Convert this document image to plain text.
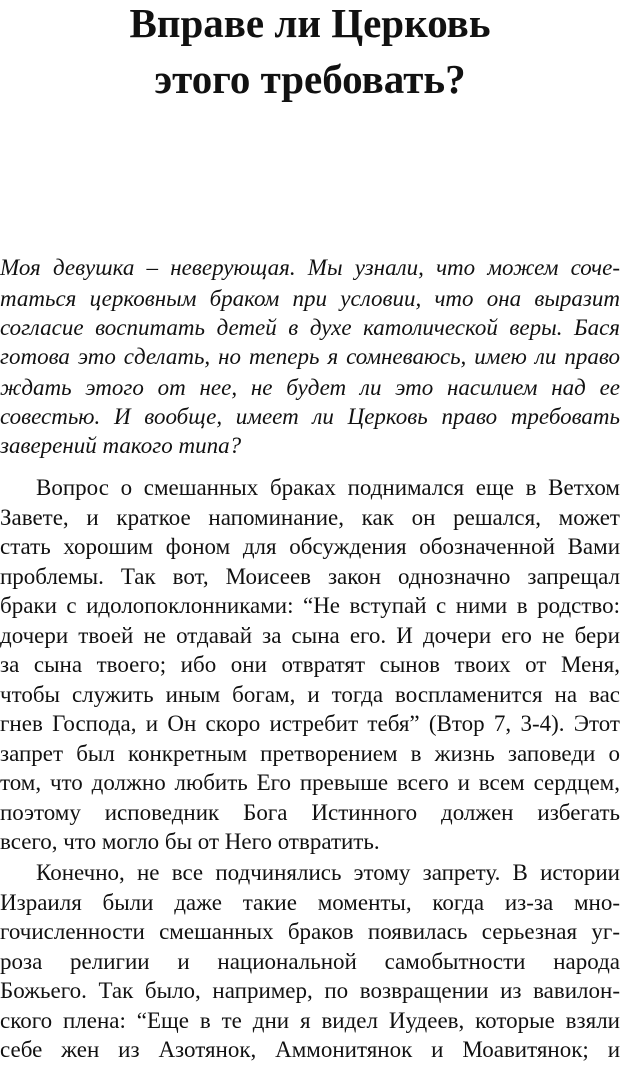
Вправе ли Церковь
этого требовать?
Моя девушка – неверующая. Мы узнали, что можем соче-
таться церковным браком при условии, что она выразит
согласие воспитать детей в духе католической веры. Бася
готова это сделать, но теперь я сомневаюсь, имею ли право
ждать этого от нее, не будет ли это насилием над ее
совестью. И вообще, имеет ли Церковь право требовать
заверений такого типа?
Вопрос о смешанных браках поднимался еще в Ветхом
Завете, и краткое напоминание, как он решался, может
стать хорошим фоном для обсуждения обозначенной Вами
проблемы. Так вот, Моисеев закон однозначно запрещал
браки с идолопоклонниками: “Не вступай с ними в родство:
дочери твоей не отдавай за сына его. И дочери его не бери
за сына твоего; ибо они отвратят сынов твоих от Меня,
чтобы служить иным богам, и тогда воспламенится на вас
гнев Господа, и Он скоро истребит тебя” (Втор 7, 3-4). Этот
запрет был конкретным претворением в жизнь заповеди о
том, что должно любить Его превыше всего и всем сердцем,
поэтому исповедник Бога Истинного должен избегать
всего, что могло бы от Него отвратить.
Конечно, не все подчинялись этому запрету. В истории
Израиля были даже такие моменты, когда из-за мно-
гочисленности смешанных браков появилась серьезная уг-
роза религии и национальной самобытности народа
Божьего. Так было, например, по возвращении из вавилон-
ского плена: “Еще в те дни я видел Иудеев, которые взяли
себе жен из Азотянок, Аммонитянок и Моавитянок; и
